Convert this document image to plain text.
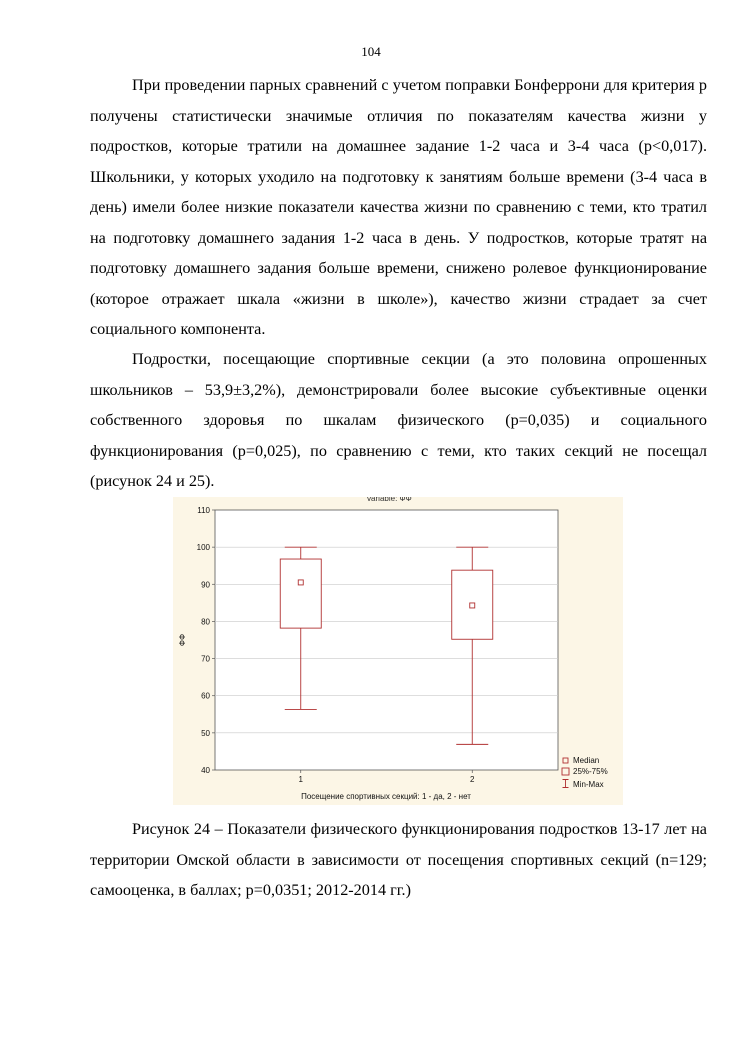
104

При проведении парных сравнений с учетом поправки Бонферрони для критерия р получены статистически значимые отличия по показателям качества жизни у подростков, которые тратили на домашнее задание 1-2 часа и 3-4 часа (р<0,017). Школьники, у которых уходило на подготовку к занятиям больше времени (3-4 часа в день) имели более низкие показатели качества жизни по сравнению с теми, кто тратил на подготовку домашнего задания 1-2 часа в день. У подростков, которые тратят на подготовку домашнего задания больше времени, снижено ролевое функционирование (которое отражает шкала «жизни в школе»), качество жизни страдает за счет социального компонента.

Подростки, посещающие спортивные секции (а это половина опрошенных школьников – 53,9±3,2%), демонстрировали более высокие субъективные оценки собственного здоровья по шкалам физического (р=0,035) и социального функционирования (р=0,025), по сравнению с теми, кто таких секций не посещал (рисунок 24 и 25).

40
50
60
70
80
90
100
110
1	2
Variable: ФФ
Посещение спортивных секций: 1 - да, 2 - нет
ФФ
Median
25%-75%
Min-Max

Рисунок 24 – Показатели физического функционирования подростков 13-17 лет на территории Омской области в зависимости от посещения спортивных секций (n=129; самооценка, в баллах; р=0,0351; 2012-2014 гг.)
